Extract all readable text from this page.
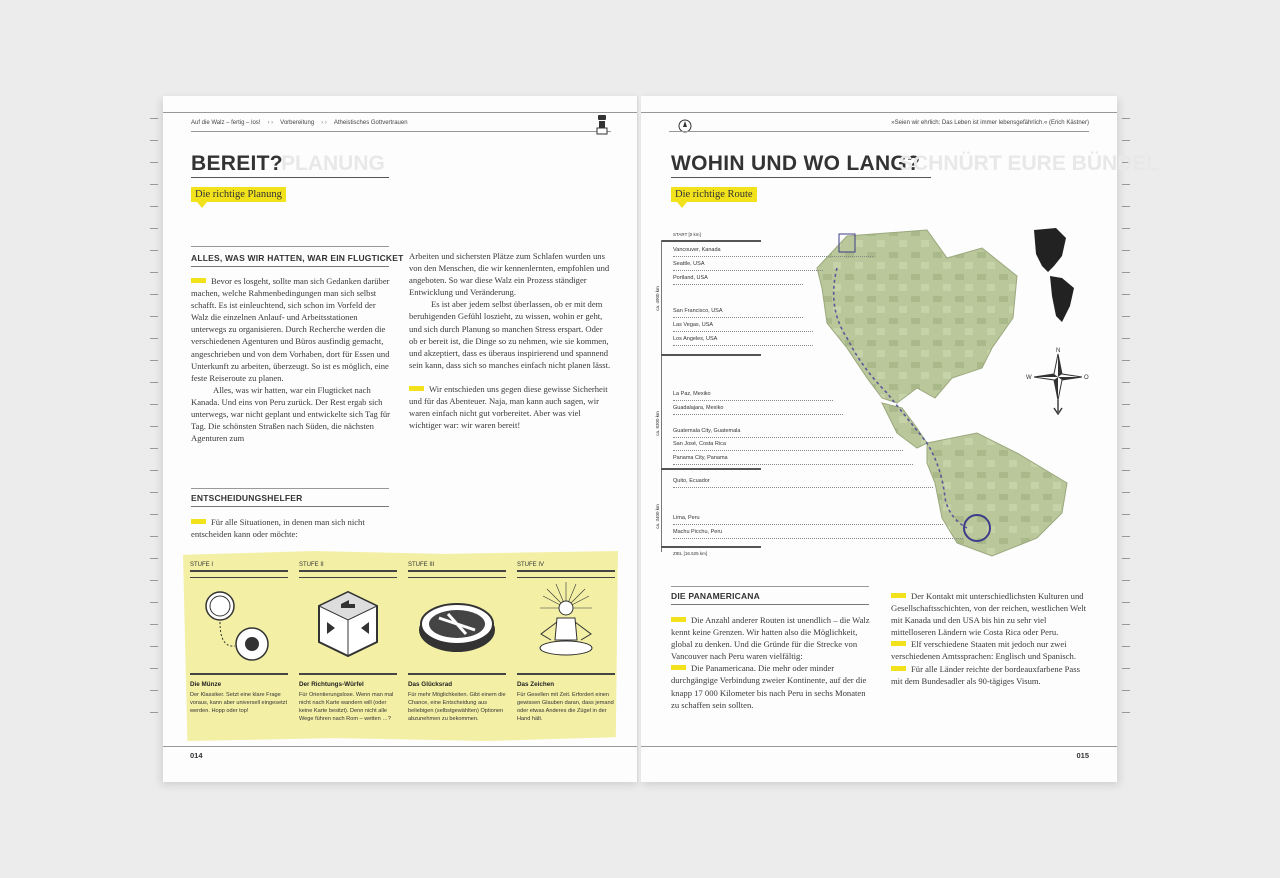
Auf die Walz – fertig – los! › › Vorbereitung › › Atheistisches Gottvertrauen
BEREIT?
PLANUNG
Die richtige Planung
ALLES, WAS WIR HATTEN, WAR EIN FLUGTICKET

Bevor es losgeht, sollte man sich Gedanken darüber machen, welche Rahmenbedingungen man sich selbst schafft. Es ist einleuchtend, sich schon im Vorfeld der Walz die einzelnen Anlauf- und Arbeitsstationen unterwegs zu organisieren. Durch Recherche werden die verschiedenen Agenturen und Büros ausfindig gemacht, angeschrieben und von dem Vorhaben, dort für Essen und Unterkunft zu arbeiten, überzeugt. So ist es möglich, eine feste Reiseroute zu planen.

Alles, was wir hatten, war ein Flugticket nach Kanada. Und eins von Peru zurück. Der Rest ergab sich unterwegs, war nicht geplant und entwickelte sich Tag für Tag. Die schönsten Straßen nach Süden, die nächsten Agenturen zum

Arbeiten und sichersten Plätze zum Schlafen wurden uns von den Menschen, die wir kennenlernten, empfohlen und angeboten. So war diese Walz ein Prozess ständiger Entwicklung und Veränderung.

Es ist aber jedem selbst überlassen, ob er mit dem beruhigenden Gefühl loszieht, zu wissen, wohin er geht, und sich durch Planung so manchen Stress erspart. Oder ob er bereit ist, die Dinge so zu nehmen, wie sie kommen, und akzeptiert, dass es überaus inspirierend und spannend sein kann, dass sich so manches einfach nicht planen lässt.

Wir entschieden uns gegen diese gewisse Sicherheit und für das Abenteuer. Naja, man kann auch sagen, wir waren einfach nicht gut vorbereitet. Aber was viel wichtiger war: wir waren bereit!

ENTSCHEIDUNGSHELFER

Für alle Situationen, in denen man sich nicht entscheiden kann oder möchte:

STUFE I
Die Münze
Der Klassiker. Setzt eine klare Frage voraus, kann aber universell eingesetzt werden. Hopp oder top!
STUFE II
Der Richtungs-Würfel
Für Orientierungslose. Wenn man mal nicht nach Karte wandern will (oder keine Karte besitzt). Denn nicht alle Wege führen nach Rom – wetten …?
STUFE III
Das Glücksrad
Für mehr Möglichkeiten. Gibt einem die Chance, eine Entscheidung aus beliebigen (selbstgewählten) Optionen abzunehmen zu bekommen.
STUFE IV
Das Zeichen
Für Gesellen mit Zeit. Erfordert einen gewissen Glauben daran, dass jemand oder etwas Anderes die Zügel in der Hand hält.
014
»Seien wir ehrlich: Das Leben ist immer lebensgefährlich.« (Erich Kästner)
WOHIN UND WO LANG?
SCHNÜRT EURE BÜNDEL
Die richtige Route
START [0 km]
ca. 4900 km
ca. 8300 km
ca. 3400 km
Vancouver, Kanada
Seattle, USA
Portland, USA
San Francisco, USA
Las Vegas, USA
Los Angeles, USA
La Paz, Mexiko
Guadalajara, Mexiko
Guatemala City, Guatemala
San José, Costa Rica
Panama City, Panama
Quito, Ecuador
Lima, Peru
Machu Picchu, Peru
ZIEL [16.525 km]
N
W	O
DIE PANAMERICANA

Die Anzahl anderer Routen ist unendlich – die Walz kennt keine Grenzen. Wir hatten also die Möglichkeit, global zu denken. Und die Gründe für die Strecke von Vancouver nach Peru waren vielfältig:

Die Panamericana. Die mehr oder minder durchgängige Verbindung zweier Kontinente, auf der die knapp 17 000 Kilometer bis nach Peru in sechs Monaten zu schaffen sein sollten.

Der Kontakt mit unterschiedlichsten Kulturen und Gesellschaftsschichten, von der reichen, westlichen Welt mit Kanada und den USA bis hin zu sehr viel mittelloseren Ländern wie Costa Rica oder Peru.

Elf verschiedene Staaten mit jedoch nur zwei verschiedenen Amtssprachen: Englisch und Spanisch.

Für alle Länder reichte der bordeauxfarbene Pass mit dem Bundesadler als 90-tägiges Visum.

015
